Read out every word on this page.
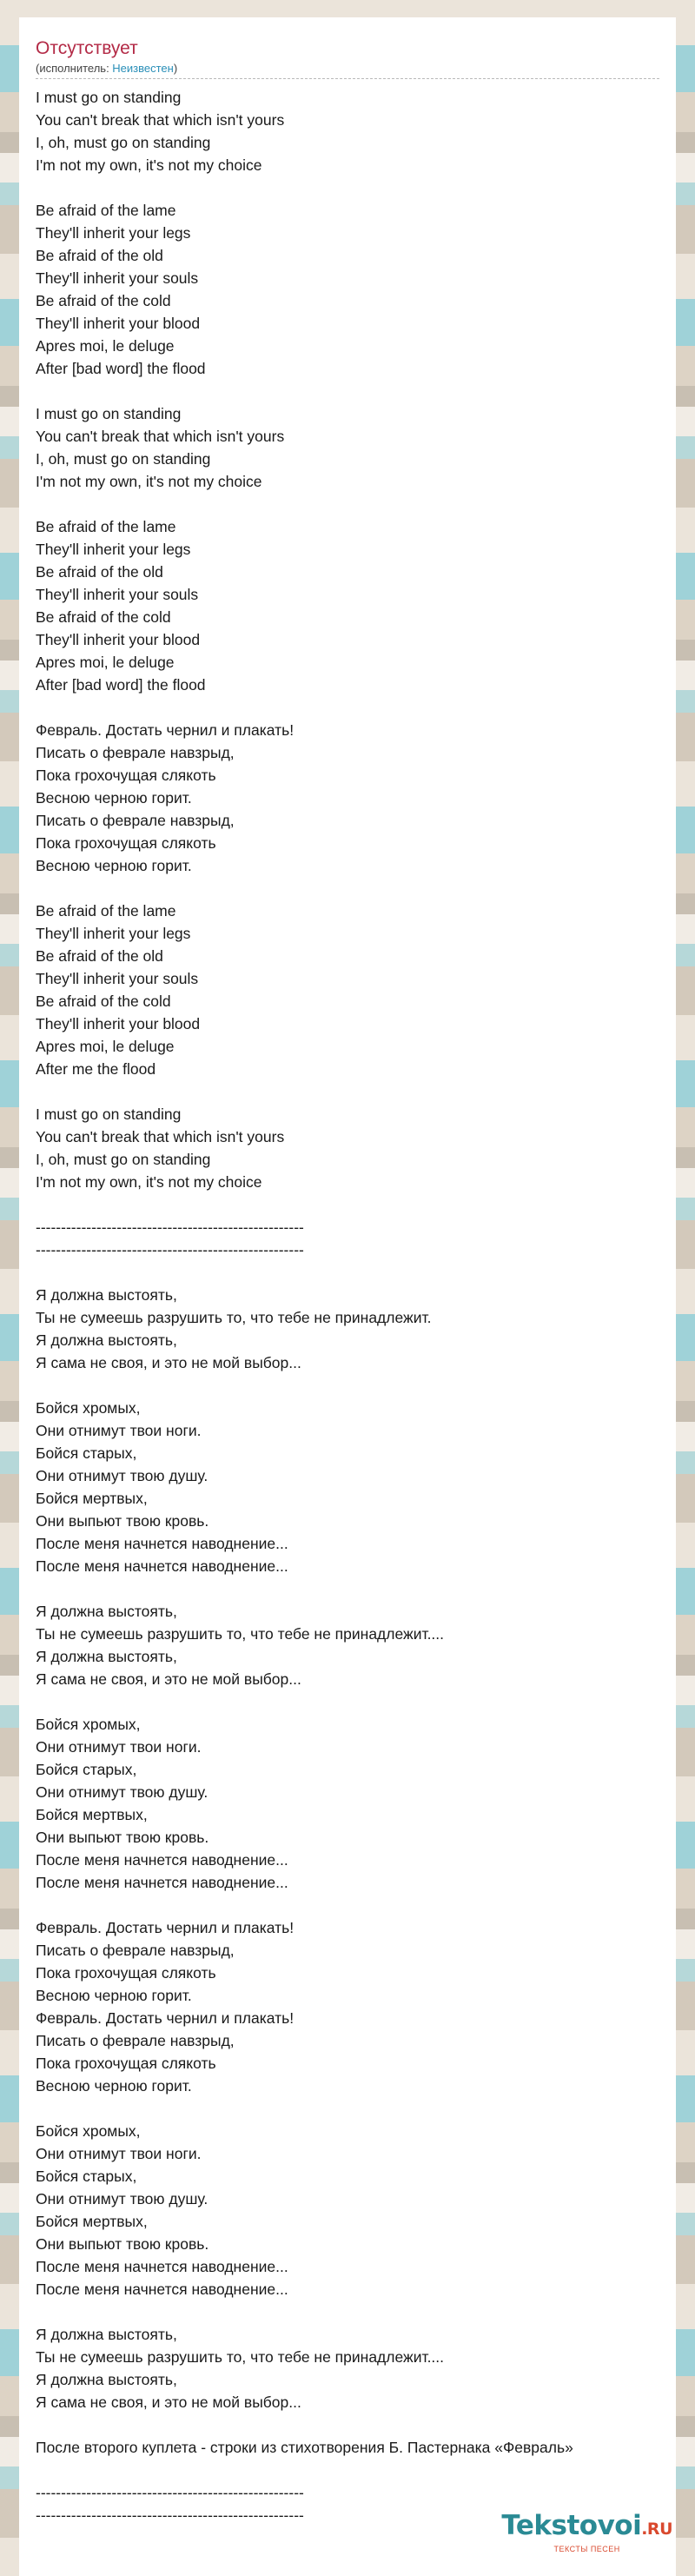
Отсутствует
(исполнитель: Неизвестен)
I must go on standing
You can't break that which isn't yours
I, oh, must go on standing
I'm not my own, it's not my choice

Be afraid of the lame
They'll inherit your legs
Be afraid of the old
They'll inherit your souls
Be afraid of the cold
They'll inherit your blood
Apres moi, le deluge
After [bad word] the flood

I must go on standing
You can't break that which isn't yours
I, oh, must go on standing
I'm not my own, it's not my choice

Be afraid of the lame
They'll inherit your legs
Be afraid of the old
They'll inherit your souls
Be afraid of the cold
They'll inherit your blood
Apres moi, le deluge
After [bad word] the flood

Февраль. Достать чернил и плакать!
Писать о феврале навзрыд,
Пока грохочущая слякоть
Весною черною горит.
Писать о феврале навзрыд,
Пока грохочущая слякоть
Весною черною горит.

Be afraid of the lame
They'll inherit your legs
Be afraid of the old
They'll inherit your souls
Be afraid of the cold
They'll inherit your blood
Apres moi, le deluge
After me the flood

I must go on standing
You can't break that which isn't yours
I, oh, must go on standing
I'm not my own, it's not my choice

-----------------------------------------------------
-----------------------------------------------------

Я должна выстоять,
Ты не сумеешь разрушить то, что тебе не принадлежит.
Я должна выстоять,
Я сама не своя, и это не мой выбор...

Бойся хромых,
Они отнимут твои ноги.
Бойся старых,
Они отнимут твою душу.
Бойся мертвых,
Они выпьют твою кровь.
После меня начнется наводнение...
После меня начнется наводнение...

Я должна выстоять,
Ты не сумеешь разрушить то, что тебе не принадлежит....
Я должна выстоять,
Я сама не своя, и это не мой выбор...

Бойся хромых,
Они отнимут твои ноги.
Бойся старых,
Они отнимут твою душу.
Бойся мертвых,
Они выпьют твою кровь.
После меня начнется наводнение...
После меня начнется наводнение...

Февраль. Достать чернил и плакать!
Писать о феврале навзрыд,
Пока грохочущая слякоть
Весною черною горит.
Февраль. Достать чернил и плакать!
Писать о феврале навзрыд,
Пока грохочущая слякоть
Весною черною горит.

Бойся хромых,
Они отнимут твои ноги.
Бойся старых,
Они отнимут твою душу.
Бойся мертвых,
Они выпьют твою кровь.
После меня начнется наводнение...
После меня начнется наводнение...

Я должна выстоять,
Ты не сумеешь разрушить то, что тебе не принадлежит....
Я должна выстоять,
Я сама не своя, и это не мой выбор...

После второго куплета - строки из стихотворения Б. Пастернака «Февраль»

-----------------------------------------------------
-----------------------------------------------------	Tekstovoi.RU
ТЕКСТЫ ПЕСЕН
